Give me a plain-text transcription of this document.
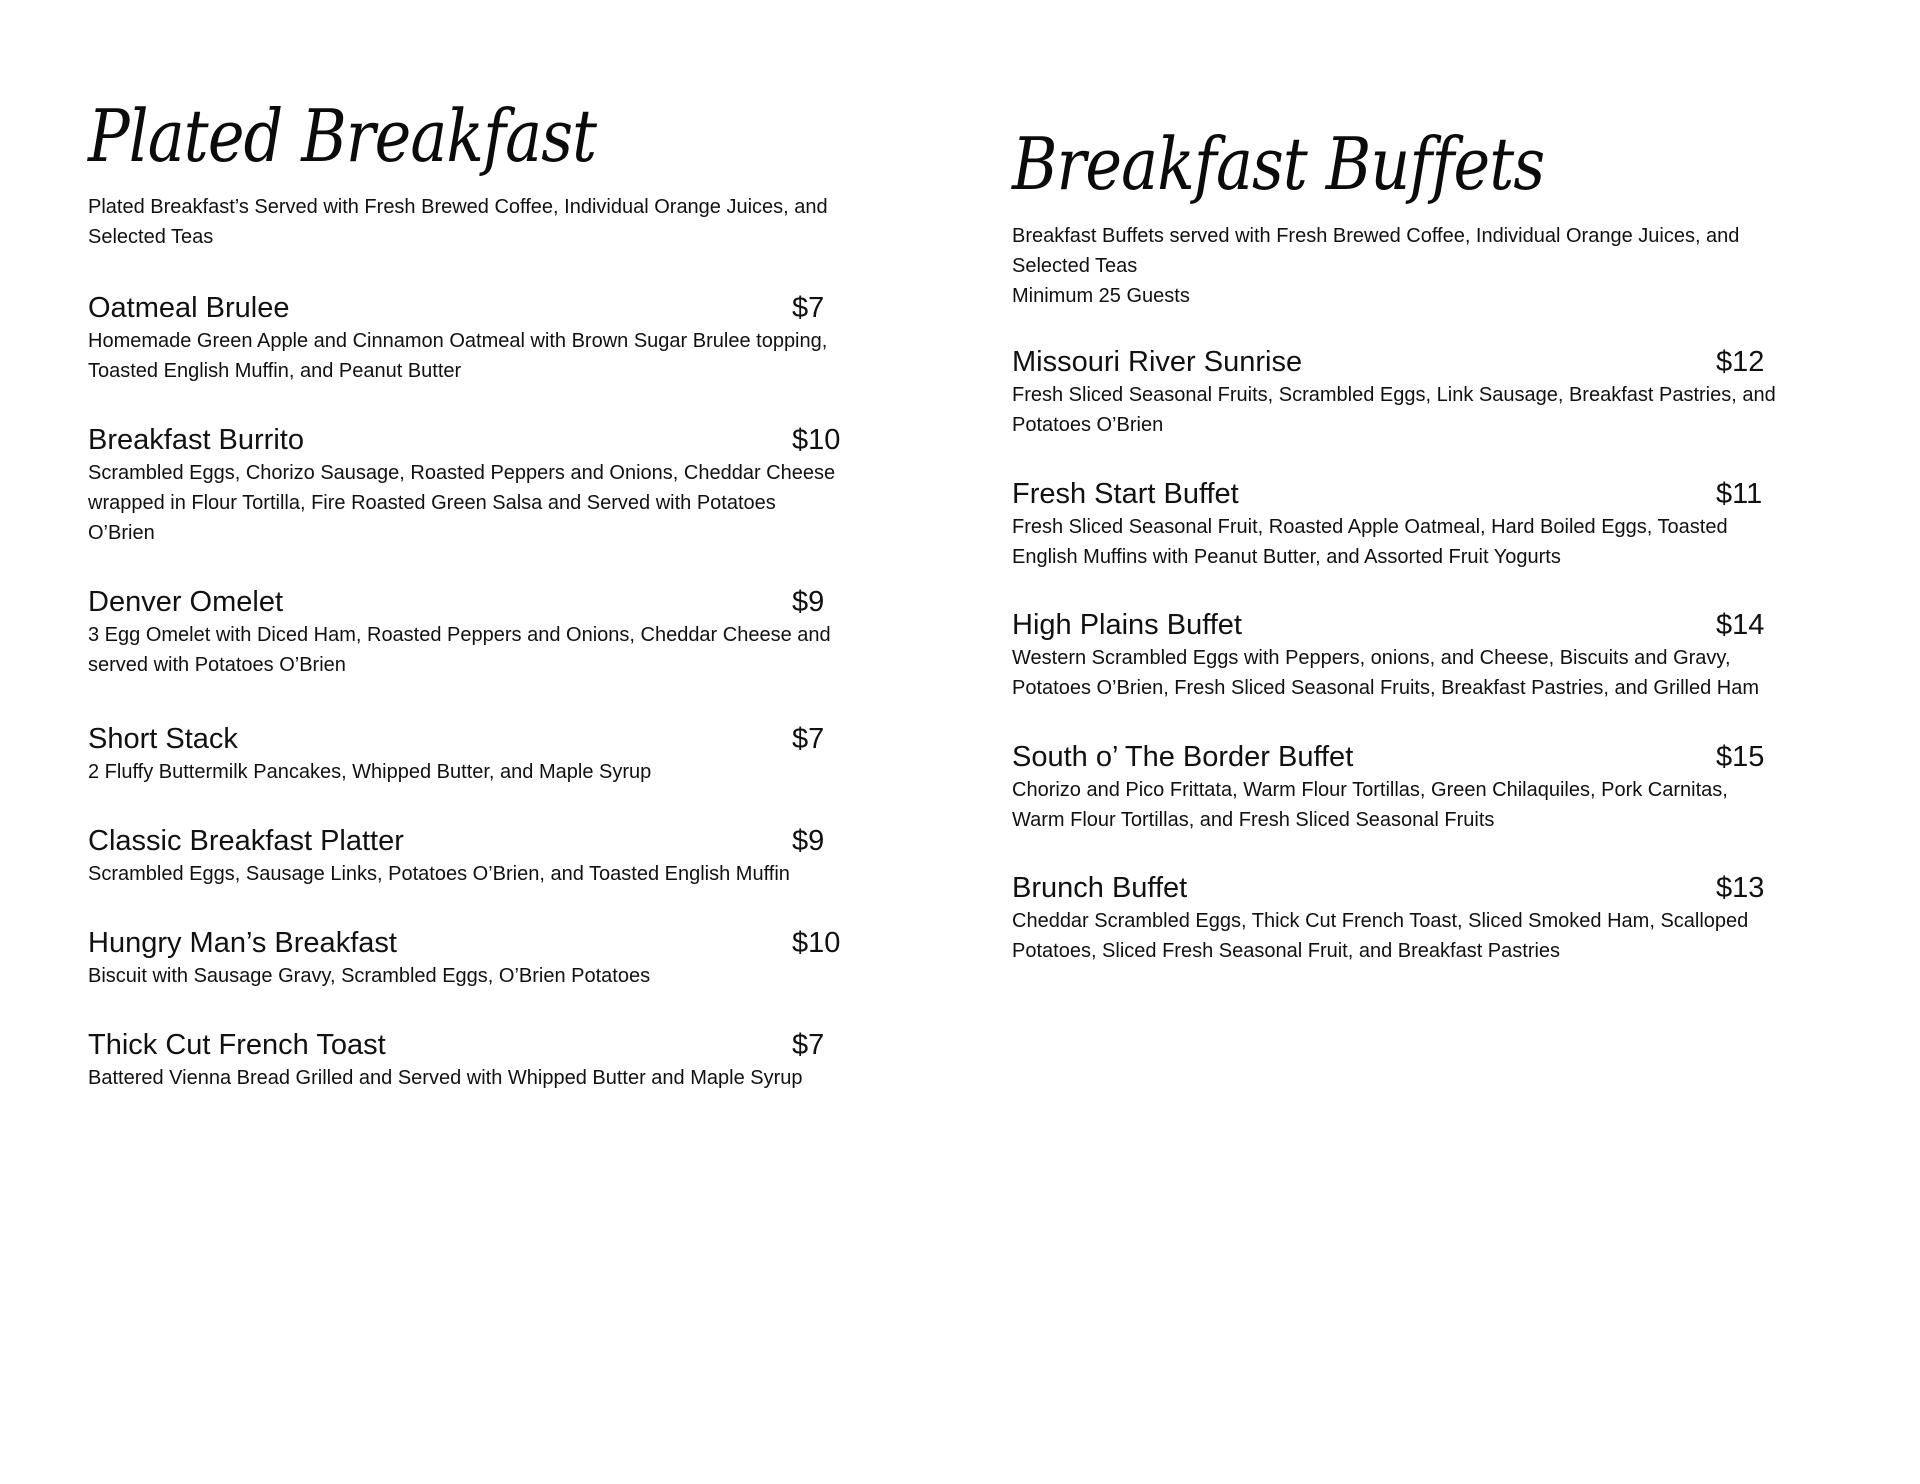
Plated Breakfast
Plated Breakfast’s Served with Fresh Brewed Coffee, Individual Orange Juices, and
Selected Teas
Oatmeal Brulee	$7
Homemade Green Apple and Cinnamon Oatmeal with Brown Sugar Brulee topping,
Toasted English Muffin, and Peanut Butter
Breakfast Burrito	$10
Scrambled Eggs, Chorizo Sausage, Roasted Peppers and Onions, Cheddar Cheese
wrapped in Flour Tortilla, Fire Roasted Green Salsa and Served with Potatoes
O’Brien
Denver Omelet	$9
3 Egg Omelet with Diced Ham, Roasted Peppers and Onions, Cheddar Cheese and
served with Potatoes O’Brien
Short Stack	$7
2 Fluffy Buttermilk Pancakes, Whipped Butter, and Maple Syrup
Classic Breakfast Platter	$9
Scrambled Eggs, Sausage Links, Potatoes O’Brien, and Toasted English Muffin
Hungry Man’s Breakfast	$10
Biscuit with Sausage Gravy, Scrambled Eggs, O’Brien Potatoes
Thick Cut French Toast	$7
Battered Vienna Bread Grilled and Served with Whipped Butter and Maple Syrup
Breakfast Buffets
Breakfast Buffets served with Fresh Brewed Coffee, Individual Orange Juices, and
Selected Teas
Minimum 25 Guests
Missouri River Sunrise	$12
Fresh Sliced Seasonal Fruits, Scrambled Eggs, Link Sausage, Breakfast Pastries, and
Potatoes O’Brien
Fresh Start Buffet	$11
Fresh Sliced Seasonal Fruit, Roasted Apple Oatmeal, Hard Boiled Eggs, Toasted
English Muffins with Peanut Butter, and Assorted Fruit Yogurts
High Plains Buffet	$14
Western Scrambled Eggs with Peppers, onions, and Cheese, Biscuits and Gravy,
Potatoes O’Brien, Fresh Sliced Seasonal Fruits, Breakfast Pastries, and Grilled Ham
South o’ The Border Buffet	$15
Chorizo and Pico Frittata, Warm Flour Tortillas, Green Chilaquiles, Pork Carnitas,
Warm Flour Tortillas, and Fresh Sliced Seasonal Fruits
Brunch Buffet	$13
Cheddar Scrambled Eggs, Thick Cut French Toast, Sliced Smoked Ham, Scalloped
Potatoes, Sliced Fresh Seasonal Fruit, and Breakfast Pastries
